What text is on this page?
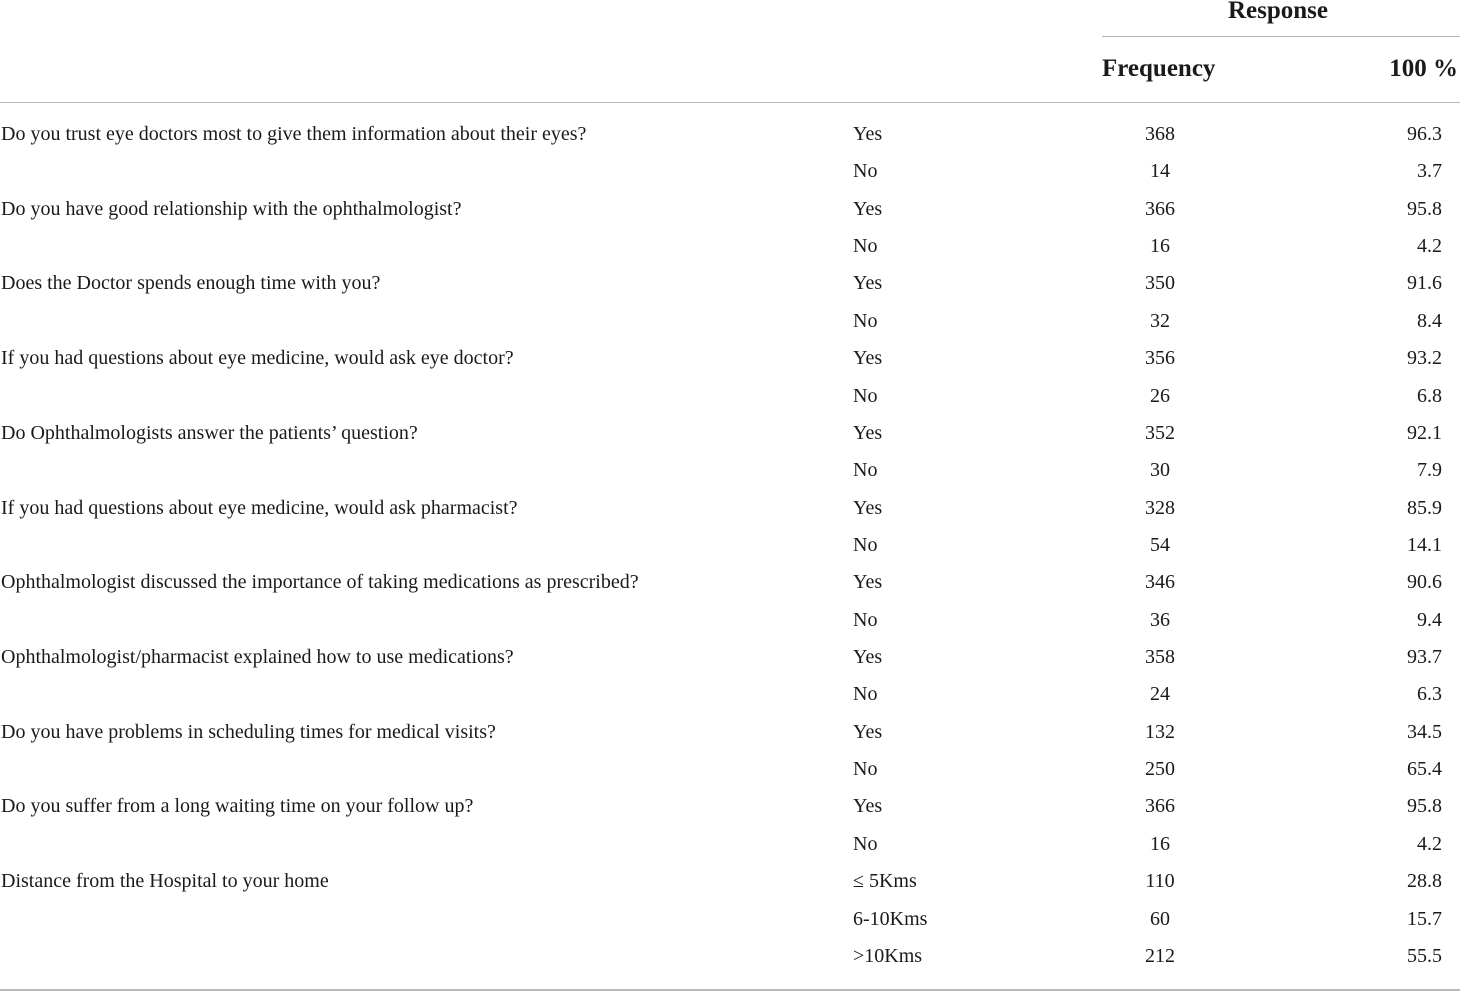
Response
Frequency	100 %
Do you trust eye doctors most to give them information about their eyes?	Yes	368	96.3
No	14	3.7
Do you have good relationship with the ophthalmologist?	Yes	366	95.8
No	16	4.2
Does the Doctor spends enough time with you?	Yes	350	91.6
No	32	8.4
If you had questions about eye medicine, would ask eye doctor?	Yes	356	93.2
No	26	6.8
Do Ophthalmologists answer the patients’ question?	Yes	352	92.1
No	30	7.9
If you had questions about eye medicine, would ask pharmacist?	Yes	328	85.9
No	54	14.1
Ophthalmologist discussed the importance of taking medications as prescribed?	Yes	346	90.6
No	36	9.4
Ophthalmologist/pharmacist explained how to use medications?	Yes	358	93.7
No	24	6.3
Do you have problems in scheduling times for medical visits?	Yes	132	34.5
No	250	65.4
Do you suffer from a long waiting time on your follow up?	Yes	366	95.8
No	16	4.2
Distance from the Hospital to your home	≤ 5Kms	110	28.8
6-10Kms	60	15.7
>10Kms	212	55.5
